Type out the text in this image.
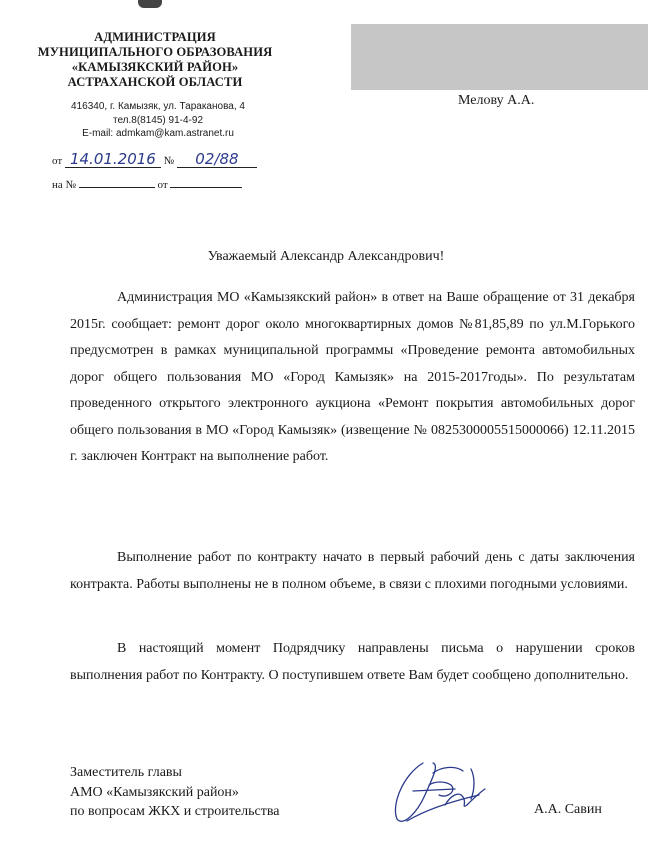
АДМИНИСТРАЦИЯ
МУНИЦИПАЛЬНОГО ОБРАЗОВАНИЯ
«КАМЫЗЯКСКИЙ РАЙОН»
АСТРАХАНСКОЙ ОБЛАСТИ
416340, г. Камызяк, ул. Тараканова, 4
тел.8(8145) 91-4-92
E-mail: admkam@kam.astranet.ru
от 14.01.2016 № 02/88
на №	от
Мелову А.А.
Уважаемый Александр Александрович!

Администрация МО «Камызякский район» в ответ на Ваше обращение от 31 декабря 2015г. сообщает: ремонт дорог около многоквартирных домов №81,85,89 по ул.М.Горького предусмотрен в рамках муниципальной программы «Проведение ремонта автомобильных дорог общего пользования МО «Город Камызяк» на 2015-2017годы». По результатам проведенного открытого электронного аукциона «Ремонт покрытия автомобильных дорог общего пользования в МО «Город Камызяк» (извещение № 0825300005515000066) 12.11.2015 г. заключен Контракт на выполнение работ.

Выполнение работ по контракту начато в первый рабочий день с даты заключения контракта. Работы выполнены не в полном объеме, в связи с плохими погодными условиями.

В настоящий момент Подрядчику направлены письма о нарушении сроков выполнения работ по Контракту. О поступившем ответе Вам будет сообщено дополнительно.

Заместитель главы
АМО «Камызякский район»
по вопросам ЖКХ и строительства	А.А. Савин
